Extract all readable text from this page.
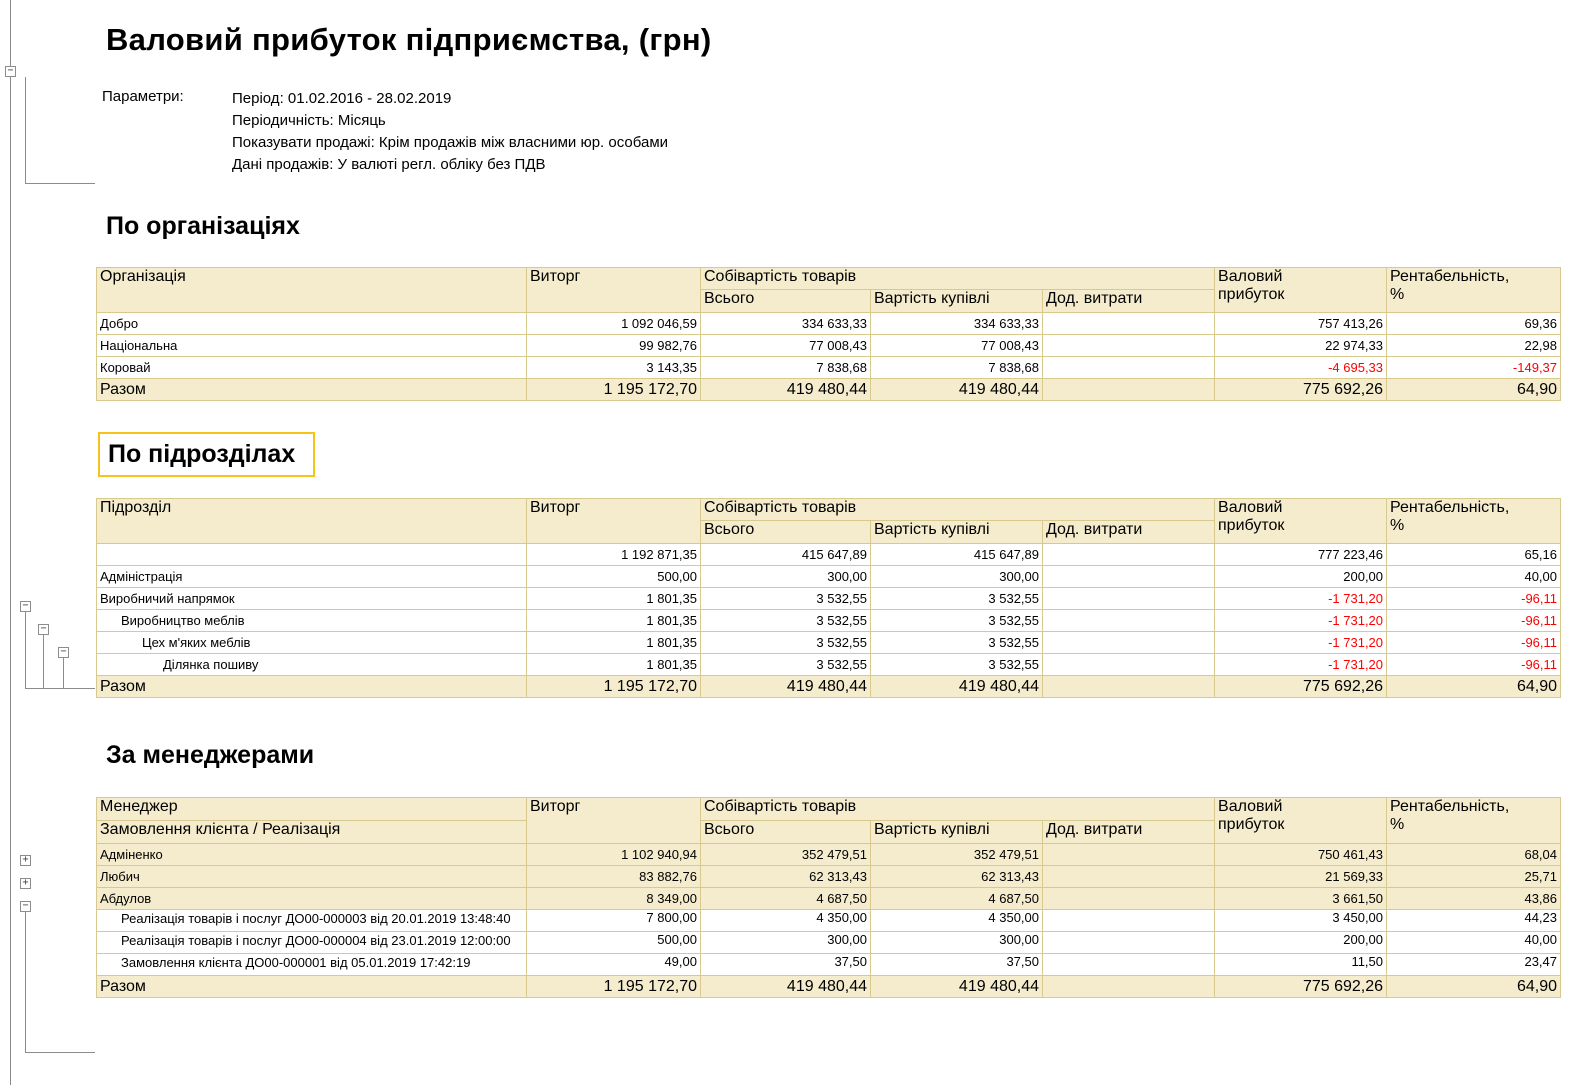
−
−
−
−
+
+
−
Валовий прибуток підприємства, (грн)
Параметри:	Період: 01.02.2016 - 28.02.2019
Періодичність: Місяць
Показувати продажі: Крім продажів між власними юр. особами
Дані продажів: У валюті регл. обліку без ПДВ
По організаціях
Організація	Виторг	Собівартість товарів			Валовий
прибуток	Рентабельність,
%
		Всього	Вартість купівлі	Дод. витрати		
Добро	1 092 046,59	334 633,33	334 633,33		757 413,26	69,36
Національна	99 982,76	77 008,43	77 008,43		22 974,33	22,98
Коровай	3 143,35	7 838,68	7 838,68		-4 695,33	-149,37
Разом	1 195 172,70	419 480,44	419 480,44		775 692,26	64,90
По підрозділах
Підрозділ	Виторг	Собівартість товарів			Валовий
прибуток	Рентабельність,
%
		Всього	Вартість купівлі	Дод. витрати		
	1 192 871,35	415 647,89	415 647,89		777 223,46	65,16
Адміністрація	500,00	300,00	300,00		200,00	40,00
Виробничий напрямок	1 801,35	3 532,55	3 532,55		-1 731,20	-96,11
Виробництво меблів	1 801,35	3 532,55	3 532,55		-1 731,20	-96,11
Цех м'яких меблів	1 801,35	3 532,55	3 532,55		-1 731,20	-96,11
Ділянка пошиву	1 801,35	3 532,55	3 532,55		-1 731,20	-96,11
Разом	1 195 172,70	419 480,44	419 480,44		775 692,26	64,90
За менеджерами
Менеджер	Виторг	Собівартість товарів			Валовий
прибуток	Рентабельність,
%
Замовлення клієнта / Реалізація		Всього	Вартість купівлі	Дод. витрати		
Адміненко	1 102 940,94	352 479,51	352 479,51		750 461,43	68,04
Любич	83 882,76	62 313,43	62 313,43		21 569,33	25,71
Абдулов	8 349,00	4 687,50	4 687,50		3 661,50	43,86
Реалізація товарів і послуг ДО00-000003 від 20.01.2019 13:48:40	7 800,00	4 350,00	4 350,00		3 450,00	44,23
Реалізація товарів і послуг ДО00-000004 від 23.01.2019 12:00:00	500,00	300,00	300,00		200,00	40,00
Замовлення клієнта ДО00-000001 від 05.01.2019 17:42:19	49,00	37,50	37,50		11,50	23,47
Разом	1 195 172,70	419 480,44	419 480,44		775 692,26	64,90
